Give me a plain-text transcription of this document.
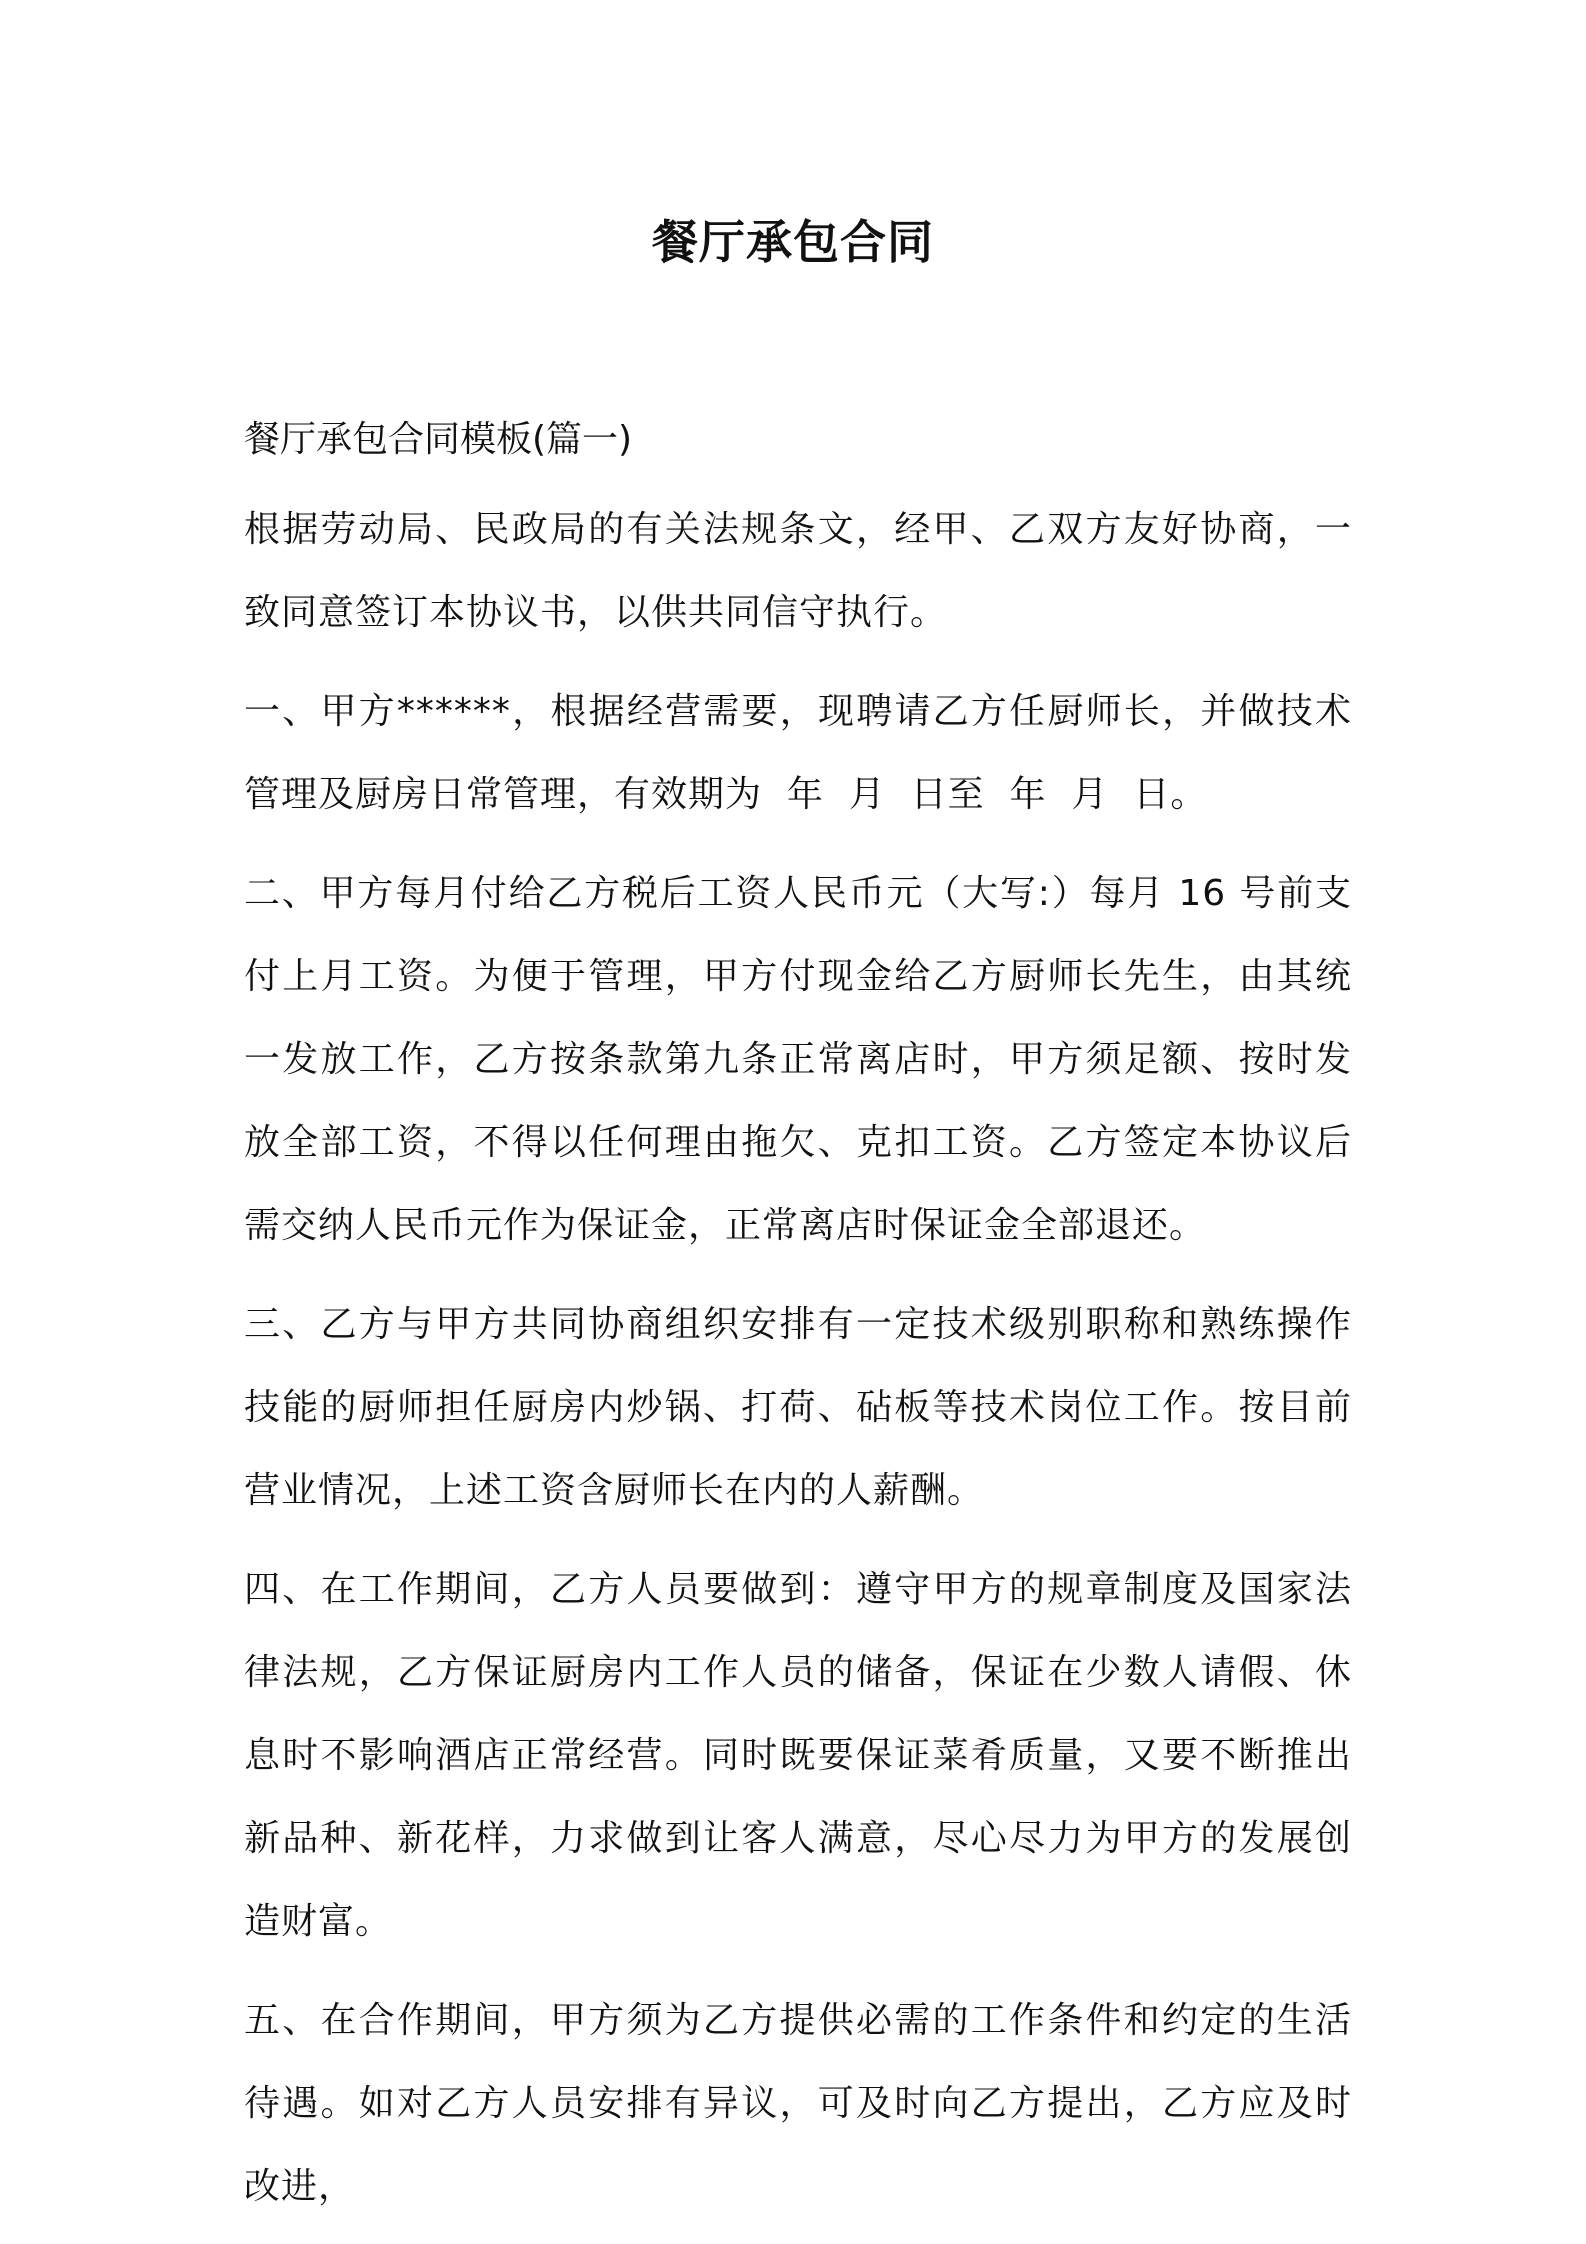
餐厅承包合同

餐厅承包合同模板(篇一)

根据劳动局、民政局的有关法规条文，经甲、乙双方友好协商，一致同意签订本协议书，以供共同信守执行。

一、甲方******，根据经营需要，现聘请乙方任厨师长，并做技术管理及厨房日常管理，有效期为  年  月  日至  年  月  日。

二、甲方每月付给乙方税后工资人民币元（大写:）每月 16 号前支付上月工资。为便于管理，甲方付现金给乙方厨师长先生，由其统一发放工作，乙方按条款第九条正常离店时，甲方须足额、按时发放全部工资，不得以任何理由拖欠、克扣工资。乙方签定本协议后需交纳人民币元作为保证金，正常离店时保证金全部退还。

三、乙方与甲方共同协商组织安排有一定技术级别职称和熟练操作技能的厨师担任厨房内炒锅、打荷、砧板等技术岗位工作。按目前营业情况，上述工资含厨师长在内的人薪酬。

四、在工作期间，乙方人员要做到：遵守甲方的规章制度及国家法律法规，乙方保证厨房内工作人员的储备，保证在少数人请假、休息时不影响酒店正常经营。同时既要保证菜肴质量，又要不断推出新品种、新花样，力求做到让客人满意，尽心尽力为甲方的发展创造财富。

五、在合作期间，甲方须为乙方提供必需的工作条件和约定的生活待遇。如对乙方人员安排有异议，可及时向乙方提出，乙方应及时改进，
